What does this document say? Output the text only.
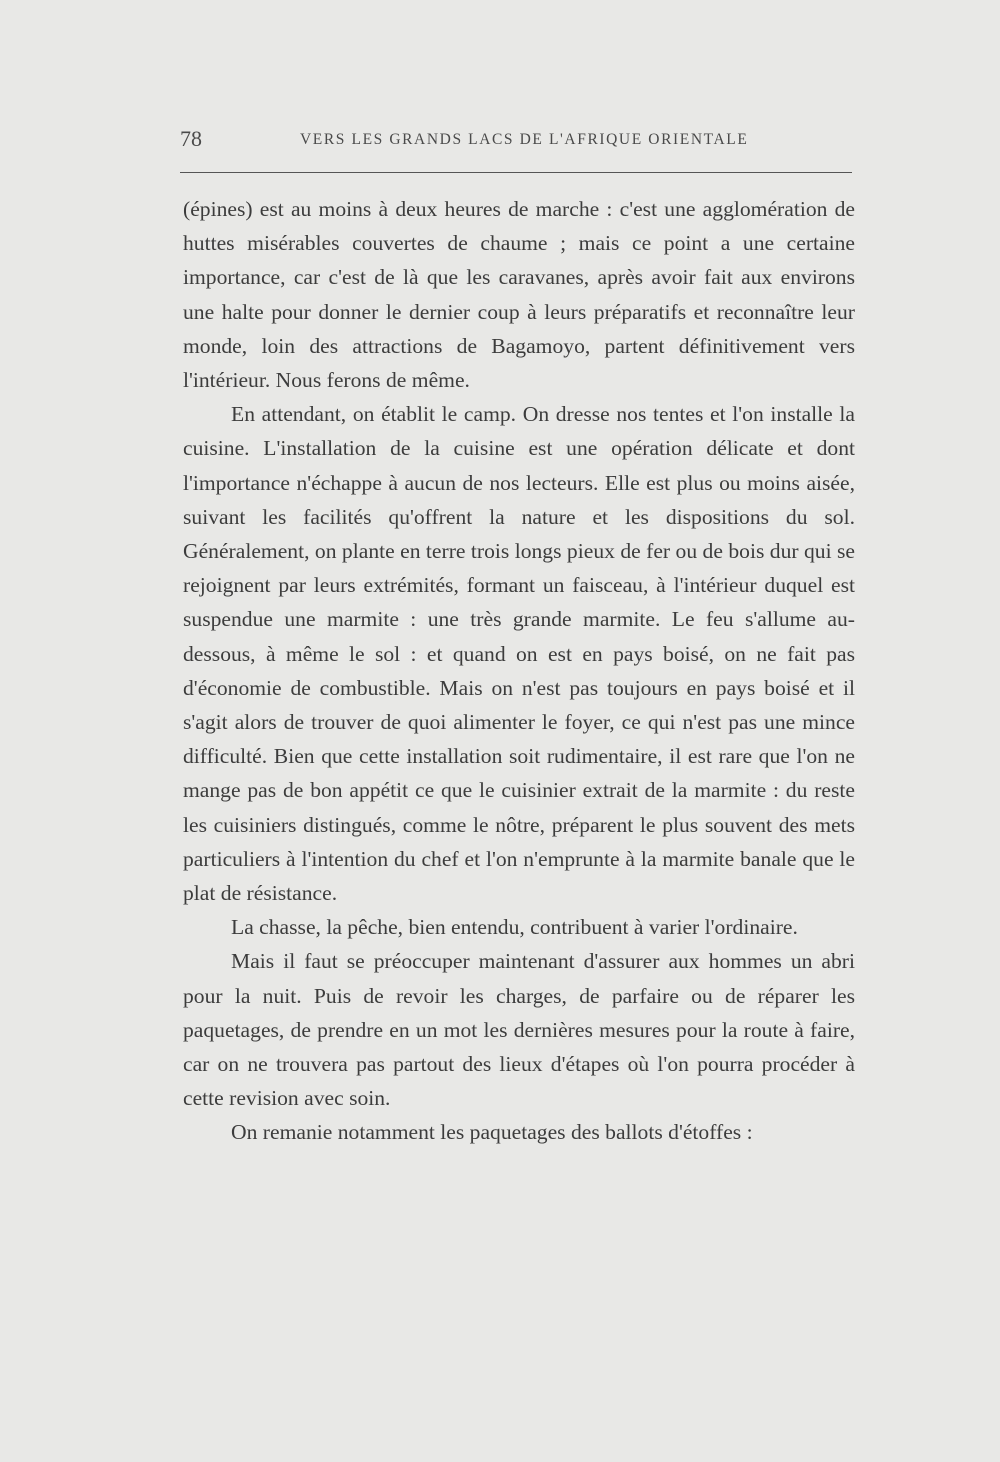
78	VERS LES GRANDS LACS DE L'AFRIQUE ORIENTALE

(épines) est au moins à deux heures de marche : c'est une agglomération de huttes misérables couvertes de chaume ; mais ce point a une certaine importance, car c'est de là que les caravanes, après avoir fait aux environs une halte pour donner le dernier coup à leurs préparatifs et reconnaître leur monde, loin des attractions de Bagamoyo, partent définitivement vers l'intérieur. Nous ferons de même.

En attendant, on établit le camp. On dresse nos tentes et l'on installe la cuisine. L'installation de la cuisine est une opération délicate et dont l'importance n'échappe à aucun de nos lecteurs. Elle est plus ou moins aisée, suivant les facilités qu'offrent la nature et les dispositions du sol. Généralement, on plante en terre trois longs pieux de fer ou de bois dur qui se rejoignent par leurs extrémités, formant un faisceau, à l'intérieur duquel est suspendue une marmite : une très grande marmite. Le feu s'allume au-dessous, à même le sol : et quand on est en pays boisé, on ne fait pas d'économie de combustible. Mais on n'est pas toujours en pays boisé et il s'agit alors de trouver de quoi alimenter le foyer, ce qui n'est pas une mince difficulté. Bien que cette installation soit rudimentaire, il est rare que l'on ne mange pas de bon appétit ce que le cuisinier extrait de la marmite : du reste les cuisiniers distingués, comme le nôtre, préparent le plus souvent des mets particuliers à l'intention du chef et l'on n'emprunte à la marmite banale que le plat de résistance.

La chasse, la pêche, bien entendu, contribuent à varier l'ordinaire.

Mais il faut se préoccuper maintenant d'assurer aux hommes un abri pour la nuit. Puis de revoir les charges, de parfaire ou de réparer les paquetages, de prendre en un mot les dernières mesures pour la route à faire, car on ne trouvera pas partout des lieux d'étapes où l'on pourra procéder à cette revision avec soin.

On remanie notamment les paquetages des ballots d'étoffes :
